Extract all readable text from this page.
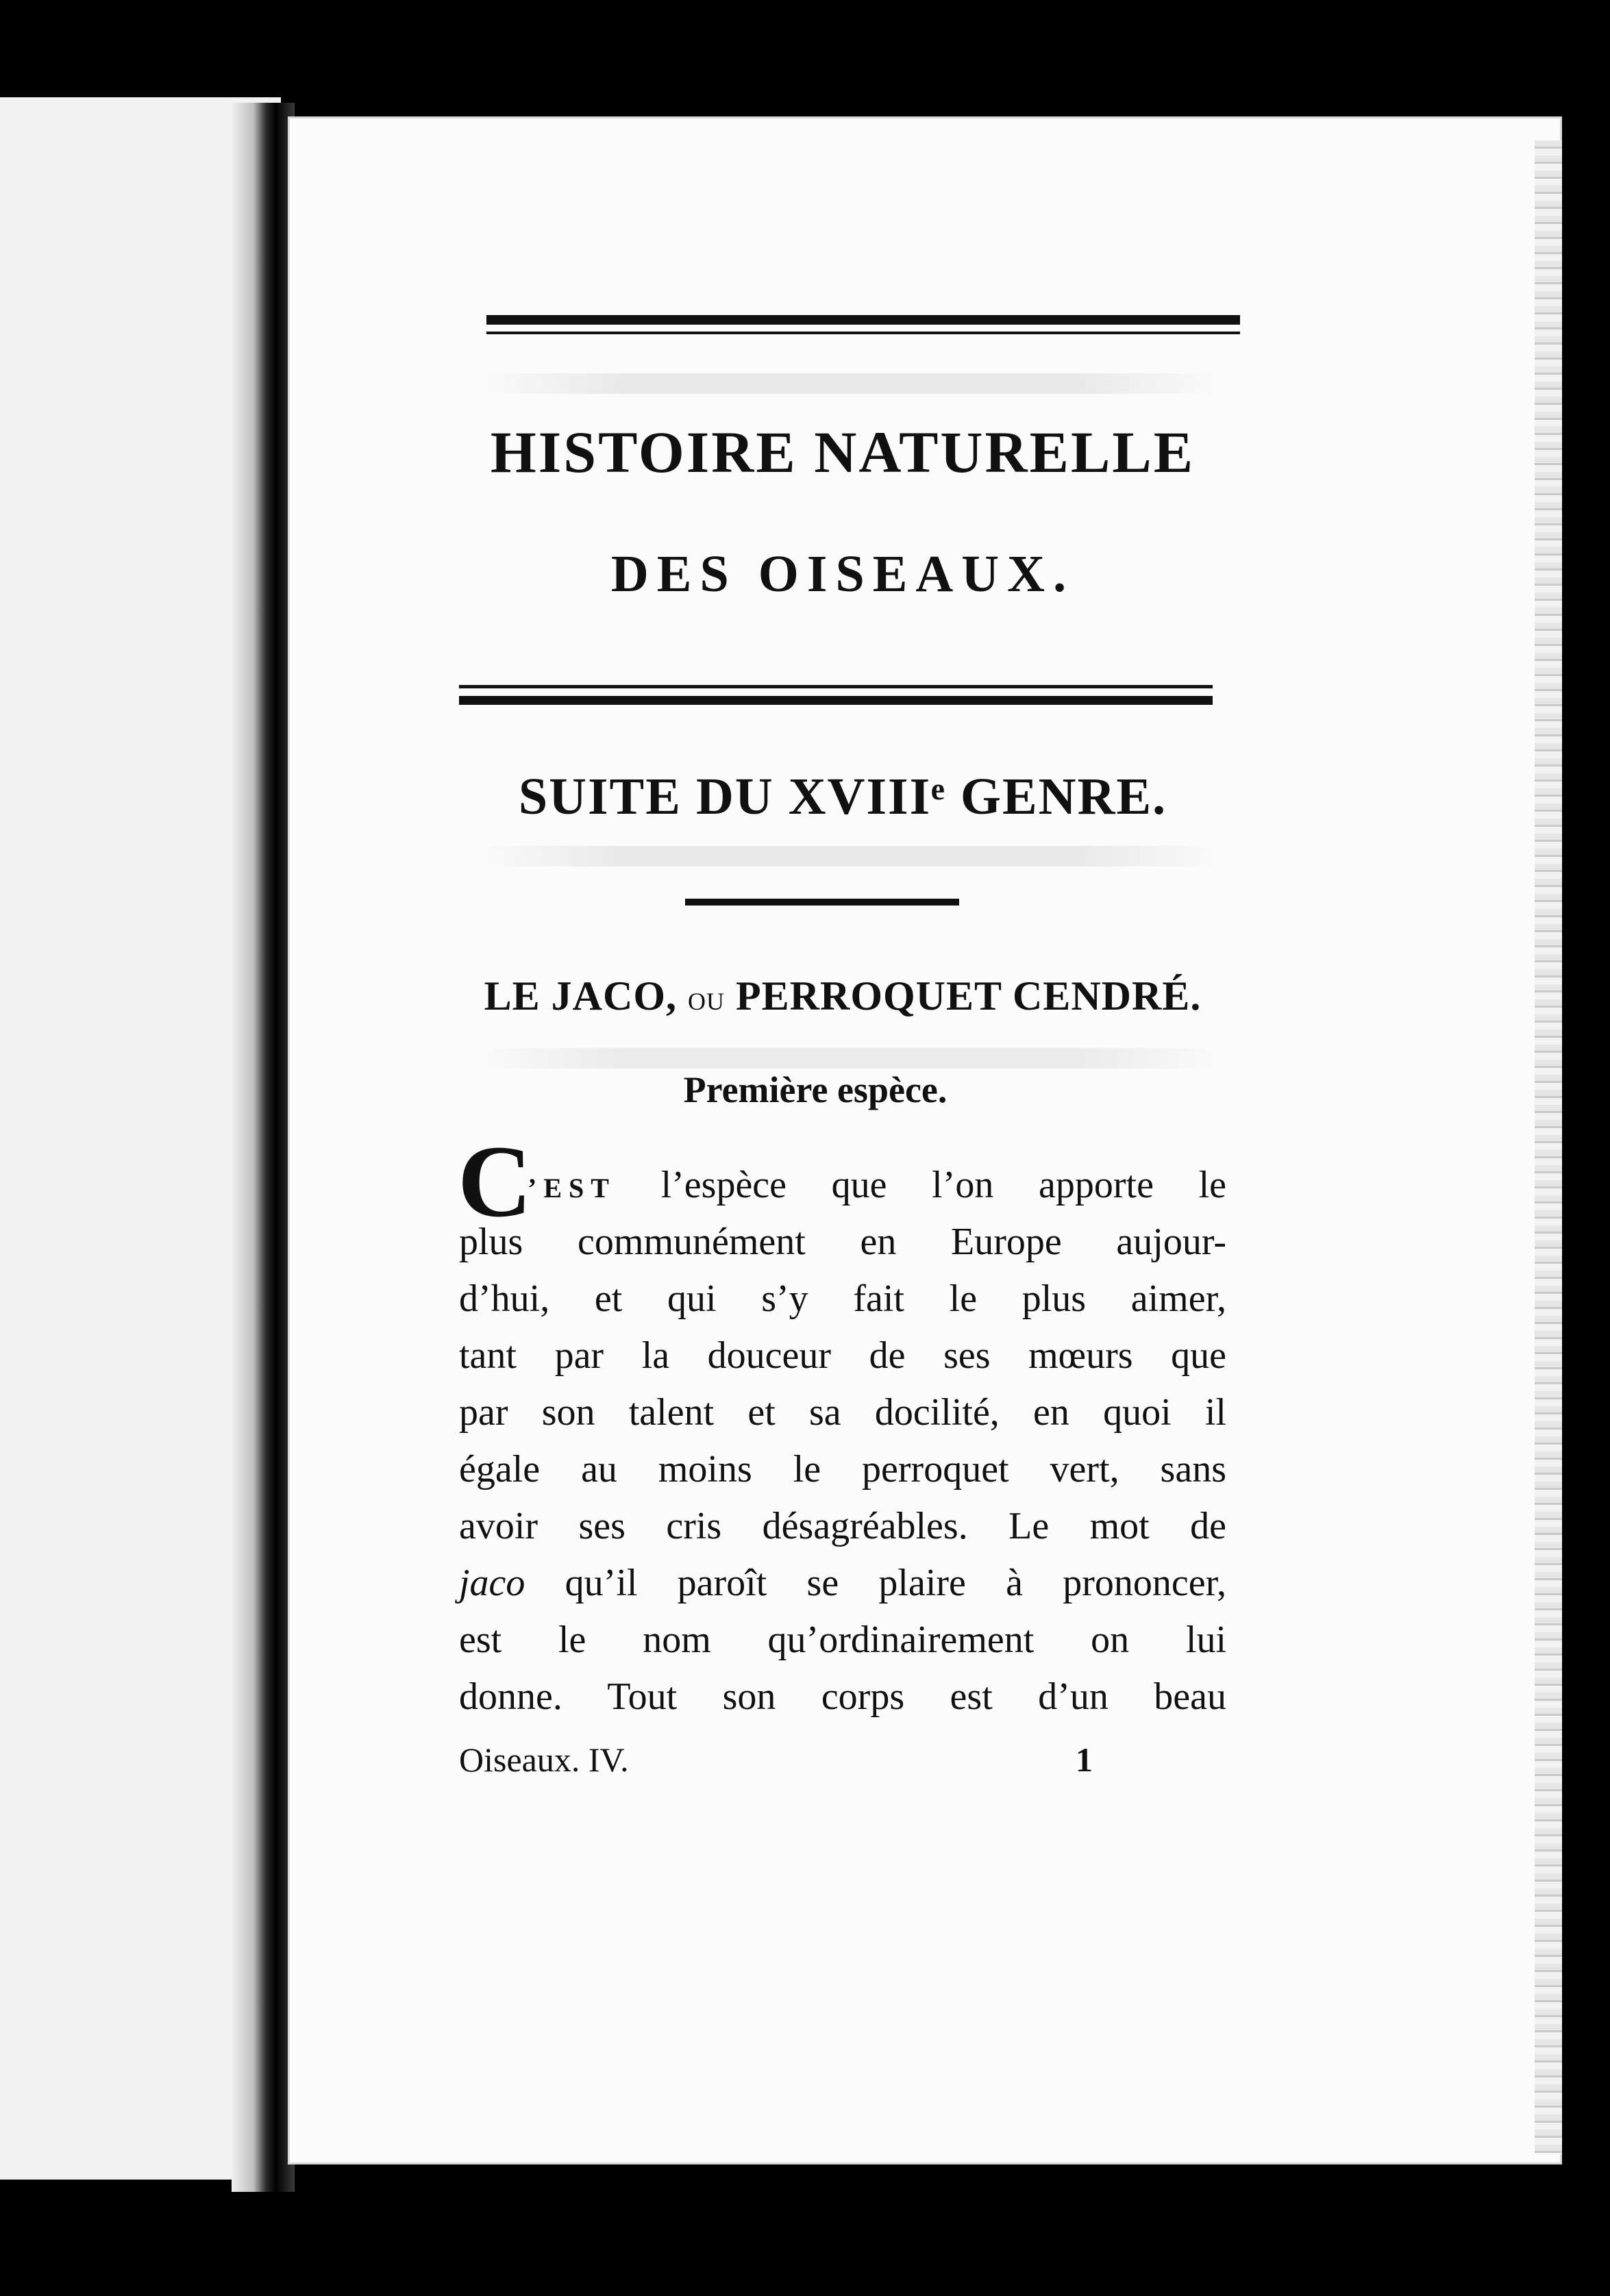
HISTOIRE NATURELLE
DES OISEAUX.
SUITE DU XVIIIᵉ GENRE.
LE JACO, ou PERROQUET CENDRÉ.
Première espèce.
C
’EST l’espèce que l’on apporte le
plus communément en Europe aujour-
d’hui, et qui s’y fait le plus aimer,
tant par la douceur de ses mœurs que
par son talent et sa docilité, en quoi il
égale au moins le perroquet vert, sans
avoir ses cris désagréables. Le mot de
jaco qu’il paroît se plaire à prononcer,
est le nom qu’ordinairement on lui
donne. Tout son corps est d’un beau
Oiseaux. IV.	1
